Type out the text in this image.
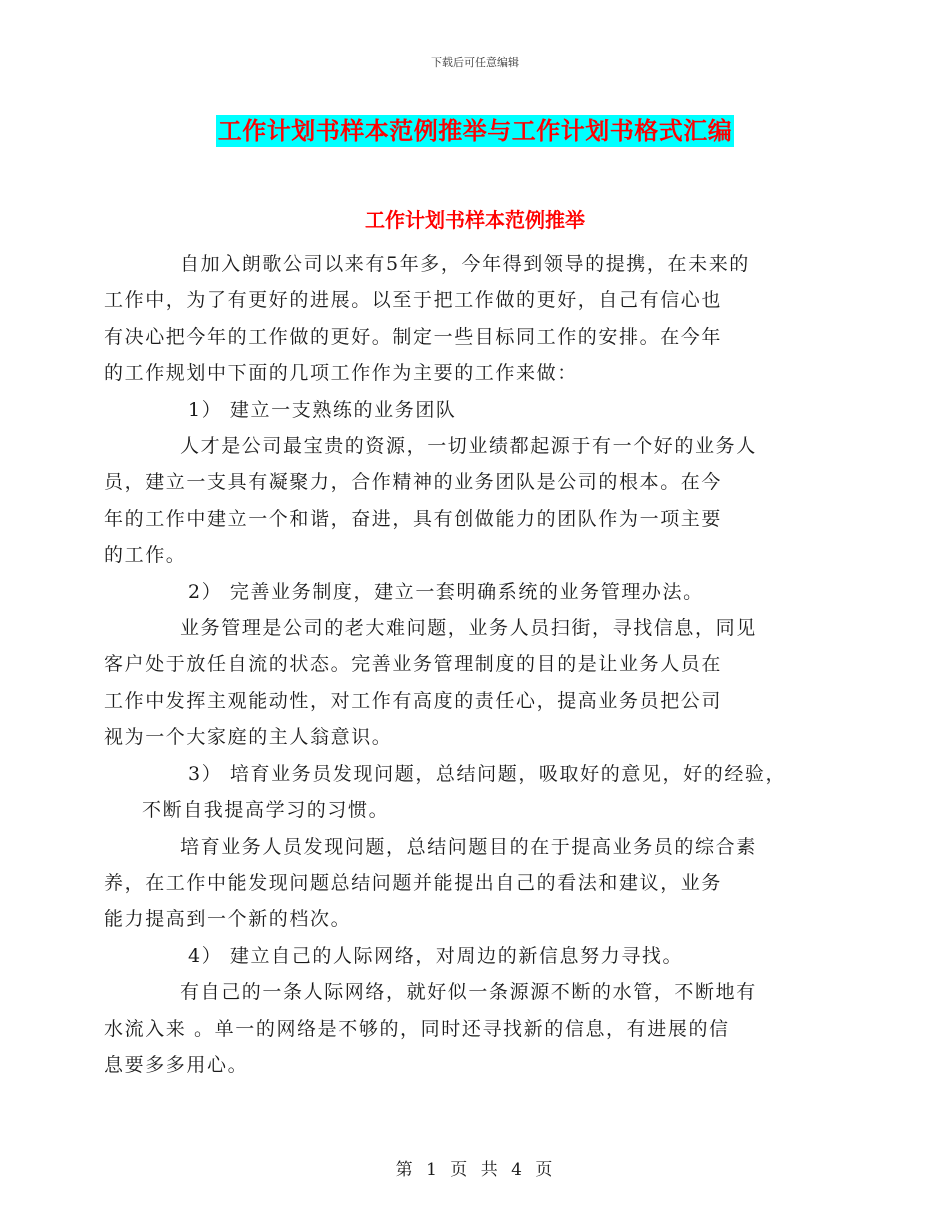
下载后可任意编辑
工作计划书样本范例推举与工作计划书格式汇编
工作计划书样本范例推举

自加入朗歌公司以来有5年多，今年得到领导的提携，在未来的
工作中，为了有更好的进展。以至于把工作做的更好，自己有信心也
有决心把今年的工作做的更好。制定一些目标同工作的安排。在今年
的工作规划中下面的几项工作作为主要的工作来做：

1） 建立一支熟练的业务团队

人才是公司最宝贵的资源，一切业绩都起源于有一个好的业务人
员，建立一支具有凝聚力，合作精神的业务团队是公司的根本。在今
年的工作中建立一个和谐，奋进，具有创做能力的团队作为一项主要
的工作。

2） 完善业务制度，建立一套明确系统的业务管理办法。

业务管理是公司的老大难问题，业务人员扫街，寻找信息，同见
客户处于放任自流的状态。完善业务管理制度的目的是让业务人员在
工作中发挥主观能动性，对工作有高度的责任心，提高业务员把公司
视为一个大家庭的主人翁意识。

3） 培育业务员发现问题，总结问题，吸取好的意见，好的经验，

不断自我提高学习的习惯。

培育业务人员发现问题，总结问题目的在于提高业务员的综合素
养，在工作中能发现问题总结问题并能提出自己的看法和建议，业务
能力提高到一个新的档次。

4） 建立自己的人际网络，对周边的新信息努力寻找。

有自己的一条人际网络，就好似一条源源不断的水管，不断地有
水流入来 。单一的网络是不够的，同时还寻找新的信息，有进展的信
息要多多用心。

第 1 页 共 4 页
